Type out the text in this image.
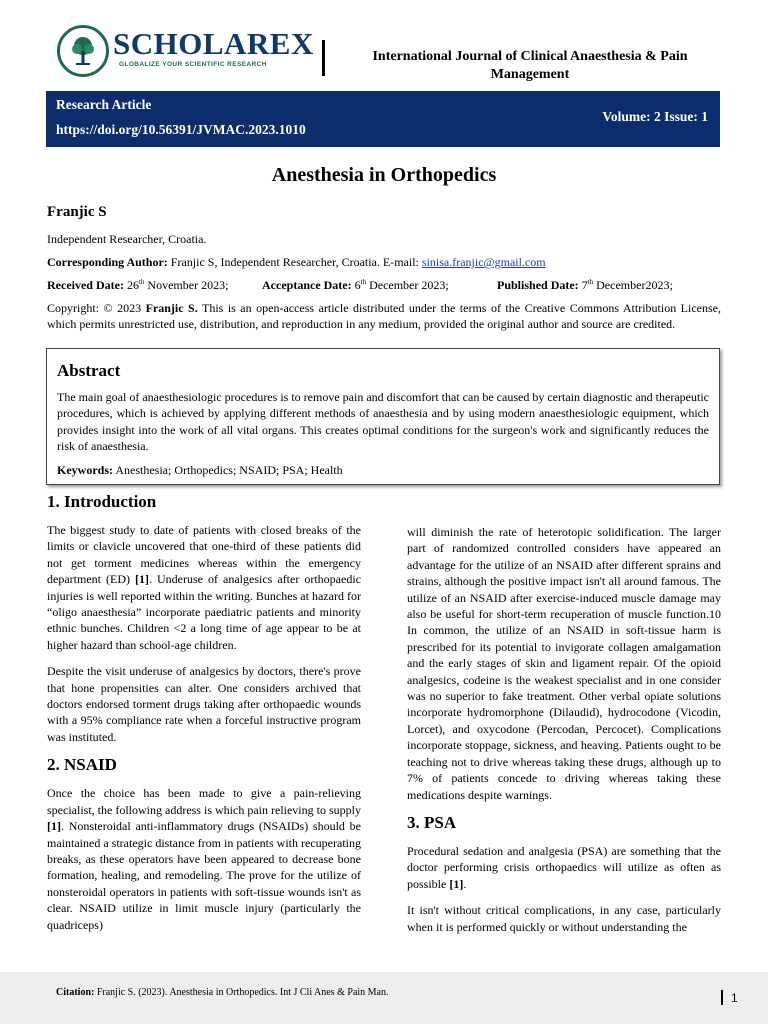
SCHOLAREX
GLOBALIZE YOUR SCIENTIFIC RESEARCH
International Journal of Clinical Anaesthesia & Pain Management
Research Article
https://doi.org/10.56391/JVMAC.2023.1010
Volume: 2 Issue: 1
Anesthesia in Orthopedics
Franjic S
Independent Researcher, Croatia.
Corresponding Author: Franjic S, Independent Researcher, Croatia. E-mail: sinisa.franjic@gmail.com
Received Date: 26th November 2023;	Acceptance Date: 6th December 2023;	Published Date: 7th December2023;
Copyright: © 2023 Franjic S. This is an open-access article distributed under the terms of the Creative Commons Attribution License, which permits unrestricted use, distribution, and reproduction in any medium, provided the original author and source are credited.
Abstract
The main goal of anaesthesiologic procedures is to remove pain and discomfort that can be caused by certain diagnostic and therapeutic procedures, which is achieved by applying different methods of anaesthesia and by using modern anaesthesiologic equipment, which provides insight into the work of all vital organs. This creates optimal conditions for the surgeon's work and significantly reduces the risk of anaesthesia.
Keywords: Anesthesia; Orthopedics; NSAID; PSA; Health
1. Introduction

The biggest study to date of patients with closed breaks of the limits or clavicle uncovered that one-third of these patients did not get torment medicines whereas within the emergency department (ED) [1]. Underuse of analgesics after orthopaedic injuries is well reported within the writing. Bunches at hazard for “oligo anaesthesia” incorporate paediatric patients and minority ethnic bunches. Children <2 a long time of age appear to be at higher hazard than school-age children.

Despite the visit underuse of analgesics by doctors, there's prove that hone propensities can alter. One considers archived that doctors endorsed torment drugs taking after orthopaedic wounds with a 95% compliance rate when a forceful instructive program was instituted.

2. NSAID

Once the choice has been made to give a pain-relieving specialist, the following address is which pain relieving to supply [1]. Nonsteroidal anti-inflammatory drugs (NSAIDs) should be maintained a strategic distance from in patients with recuperating breaks, as these operators have been appeared to decrease bone formation, healing, and remodeling. The prove for the utilize of nonsteroidal operators in patients with soft-tissue wounds isn't as clear. NSAID utilize in limit muscle injury (particularly the quadriceps)

will diminish the rate of heterotopic solidification. The larger part of randomized controlled considers have appeared an advantage for the utilize of an NSAID after different sprains and strains, although the positive impact isn't all around famous. The utilize of an NSAID after exercise-induced muscle damage may also be useful for short-term recuperation of muscle function.10 In common, the utilize of an NSAID in soft-tissue harm is prescribed for its potential to invigorate collagen amalgamation and the early stages of skin and ligament repair. Of the opioid analgesics, codeine is the weakest specialist and in one consider was no superior to fake treatment. Other verbal opiate solutions incorporate hydromorphone (Dilaudid), hydrocodone (Vicodin, Lorcet), and oxycodone (Percodan, Percocet). Complications incorporate stoppage, sickness, and heaving. Patients ought to be teaching not to drive whereas taking these drugs, although up to 7% of patients concede to driving whereas taking these medications despite warnings.

3. PSA

Procedural sedation and analgesia (PSA) are something that the doctor performing crisis orthopaedics will utilize as often as possible [1].

It isn't without critical complications, in any case, particularly when it is performed quickly or without understanding the

Citation: Franjic S. (2023). Anesthesia in Orthopedics. Int J Cli Anes & Pain Man.	1
